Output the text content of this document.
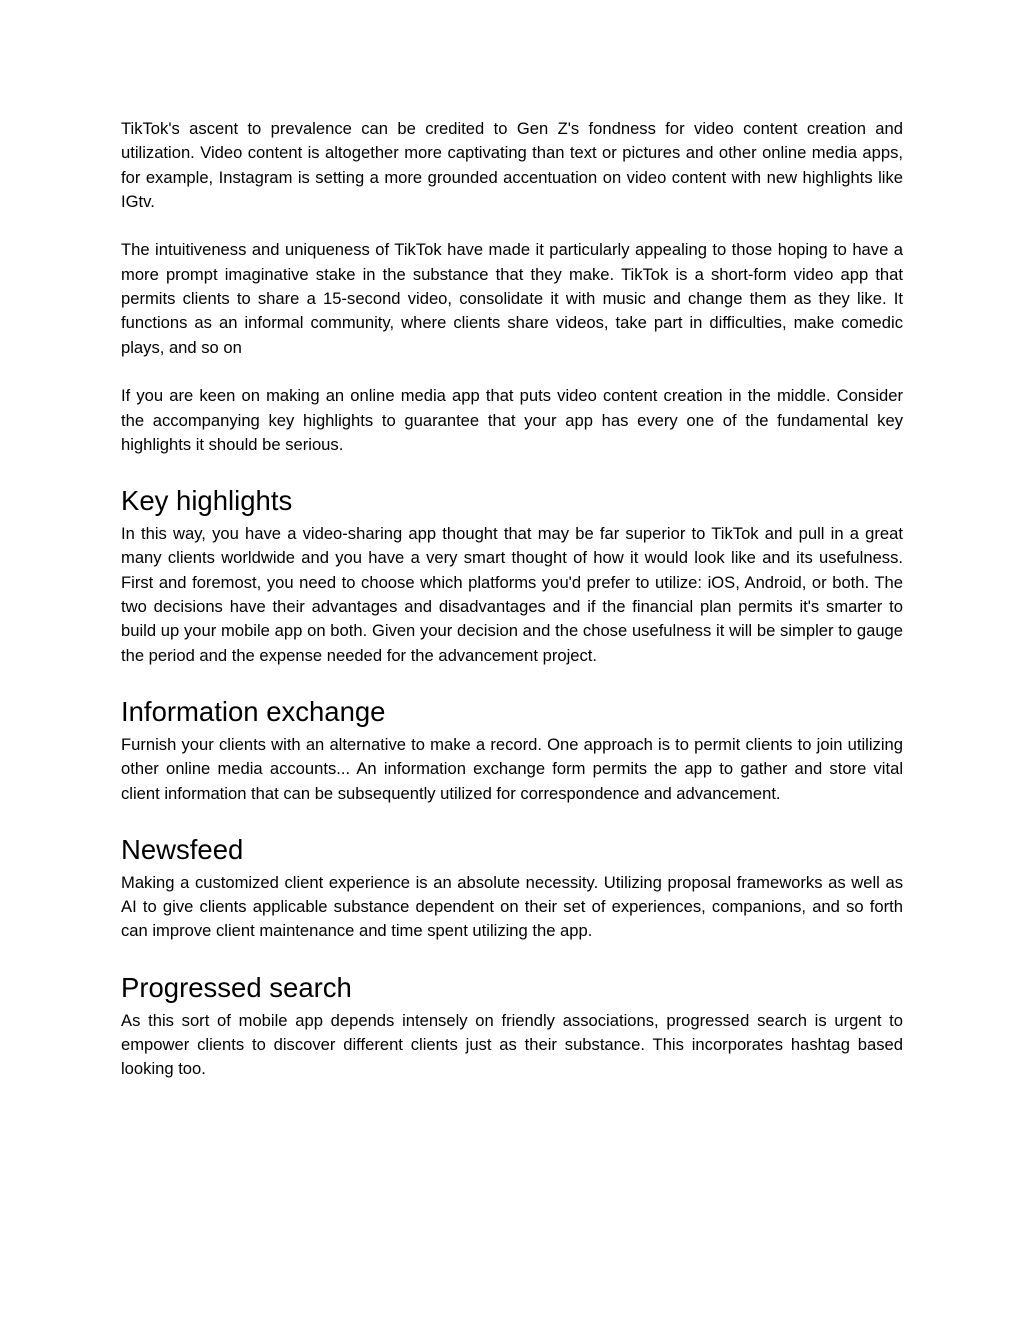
TikTok's ascent to prevalence can be credited to Gen Z's fondness for video content creation and utilization. Video content is altogether more captivating than text or pictures and other online media apps, for example, Instagram is setting a more grounded accentuation on video content with new highlights like IGtv.

The intuitiveness and uniqueness of TikTok have made it particularly appealing to those hoping to have a more prompt imaginative stake in the substance that they make. TikTok is a short-form video app that permits clients to share a 15-second video, consolidate it with music and change them as they like. It functions as an informal community, where clients share videos, take part in difficulties, make comedic plays, and so on

If you are keen on making an online media app that puts video content creation in the middle. Consider the accompanying key highlights to guarantee that your app has every one of the fundamental key highlights it should be serious.

Key highlights

In this way, you have a video-sharing app thought that may be far superior to TikTok and pull in a great many clients worldwide and you have a very smart thought of how it would look like and its usefulness. First and foremost, you need to choose which platforms you'd prefer to utilize: iOS, Android, or both. The two decisions have their advantages and disadvantages and if the financial plan permits it's smarter to build up your mobile app on both. Given your decision and the chose usefulness it will be simpler to gauge the period and the expense needed for the advancement project.

Information exchange

Furnish your clients with an alternative to make a record. One approach is to permit clients to join utilizing other online media accounts... An information exchange form permits the app to gather and store vital client information that can be subsequently utilized for correspondence and advancement.

Newsfeed

Making a customized client experience is an absolute necessity. Utilizing proposal frameworks as well as AI to give clients applicable substance dependent on their set of experiences, companions, and so forth can improve client maintenance and time spent utilizing the app.

Progressed search

As this sort of mobile app depends intensely on friendly associations, progressed search is urgent to empower clients to discover different clients just as their substance. This incorporates hashtag based looking too.
